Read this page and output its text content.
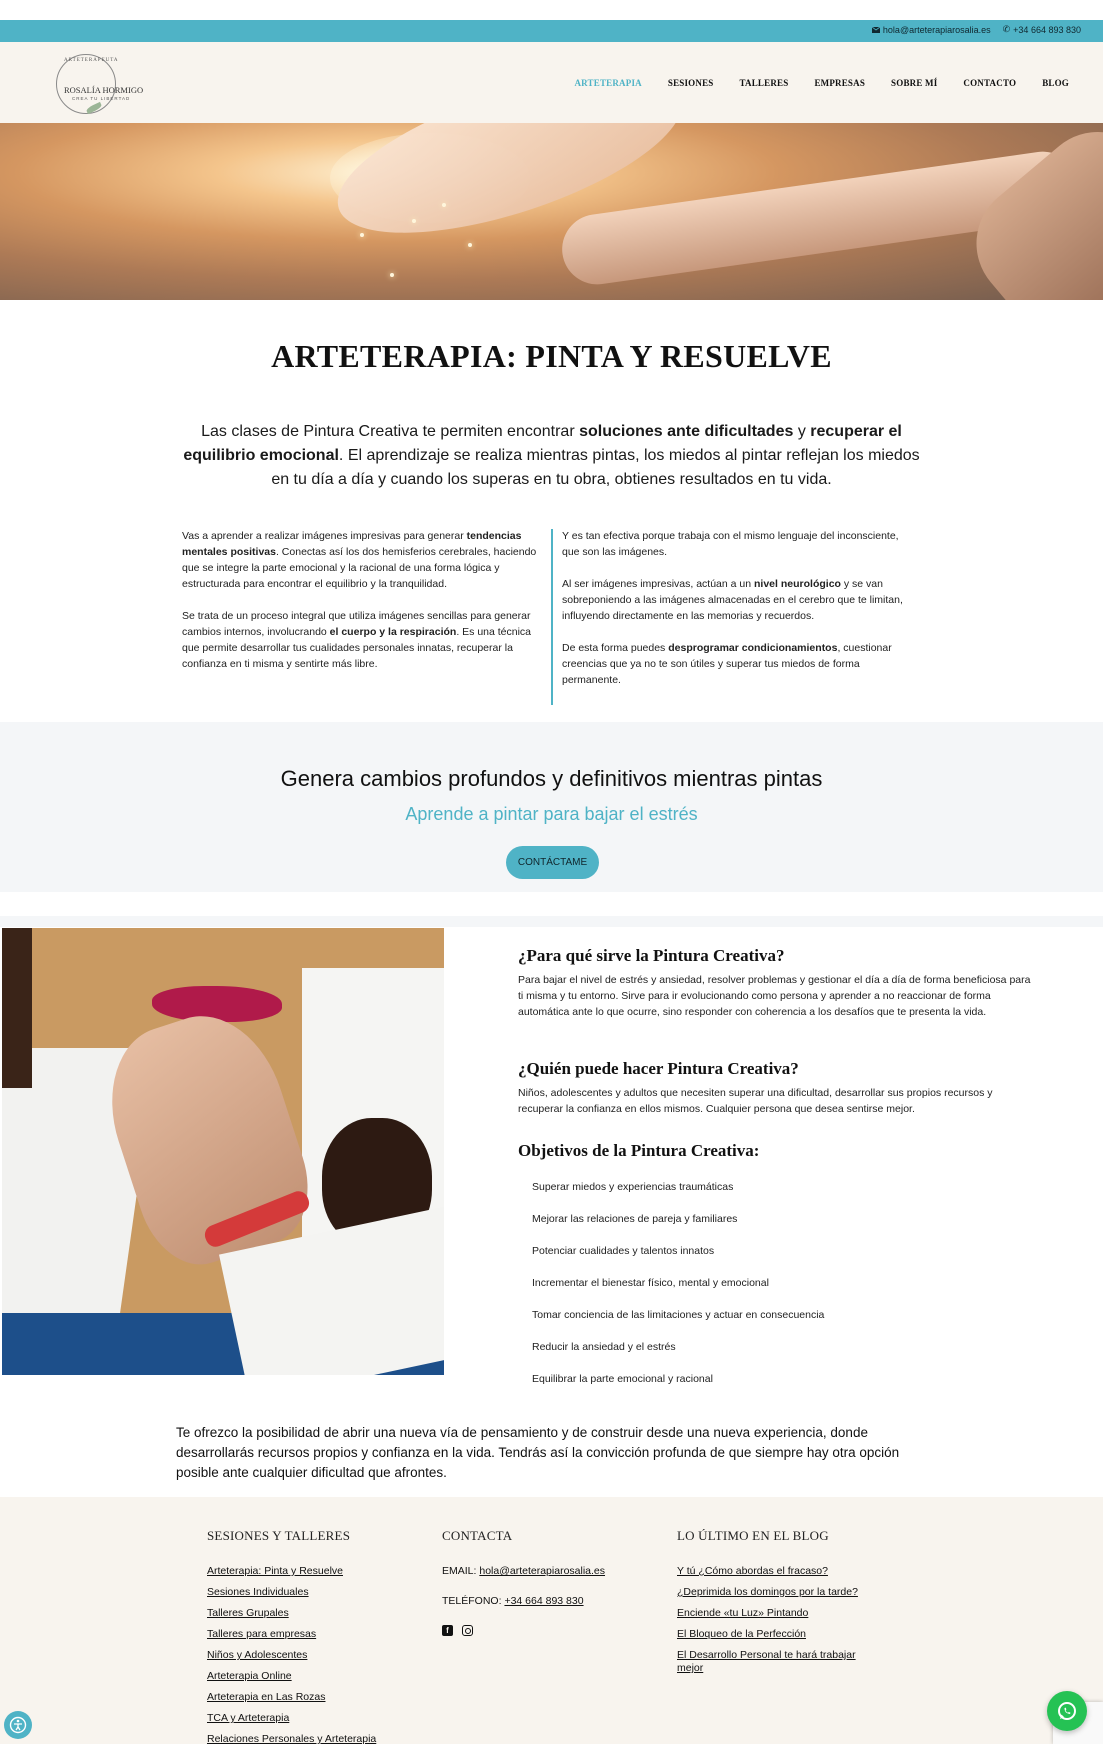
hola@arteterapiarosalia.es ✆ +34 664 893 830
ARTETERAPEUTA
ROSALÍA HORMIGO
CREA TU LIBERTAD
ARTETERAPIA	SESIONES	TALLERES	EMPRESAS	SOBRE MÍ	CONTACTO	BLOG
ARTETERAPIA: PINTA Y RESUELVE

Las clases de Pintura Creativa te permiten encontrar soluciones ante dificultades y recuperar el equilibrio emocional. El aprendizaje se realiza mientras pintas, los miedos al pintar reflejan los miedos en tu día a día y cuando los superas en tu obra, obtienes resultados en tu vida.

Vas a aprender a realizar imágenes impresivas para generar tendencias mentales positivas. Conectas así los dos hemisferios cerebrales, haciendo que se integre la parte emocional y la racional de una forma lógica y estructurada para encontrar el equilibrio y la tranquilidad.

Se trata de un proceso integral que utiliza imágenes sencillas para generar cambios internos, involucrando el cuerpo y la respiración. Es una técnica que permite desarrollar tus cualidades personales innatas, recuperar la confianza en ti misma y sentirte más libre.

Y es tan efectiva porque trabaja con el mismo lenguaje del inconsciente, que son las imágenes.

Al ser imágenes impresivas, actúan a un nivel neurológico y se van sobreponiendo a las imágenes almacenadas en el cerebro que te limitan, influyendo directamente en las memorias y recuerdos.

De esta forma puedes desprogramar condicionamientos, cuestionar creencias que ya no te son útiles y superar tus miedos de forma permanente.

Genera cambios profundos y definitivos mientras pintas
Aprende a pintar para bajar el estrés
CONTÁCTAME
¿Para qué sirve la Pintura Creativa?

Para bajar el nivel de estrés y ansiedad, resolver problemas y gestionar el día a día de forma beneficiosa para ti misma y tu entorno. Sirve para ir evolucionando como persona y aprender a no reaccionar de forma automática ante lo que ocurre, sino responder con coherencia a los desafíos que te presenta la vida.

¿Quién puede hacer Pintura Creativa?

Niños, adolescentes y adultos que necesiten superar una dificultad, desarrollar sus propios recursos y recuperar la confianza en ellos mismos. Cualquier persona que desea sentirse mejor.

Objetivos de la Pintura Creativa:
Superar miedos y experiencias traumáticas
Mejorar las relaciones de pareja y familiares
Potenciar cualidades y talentos innatos
Incrementar el bienestar físico, mental y emocional
Tomar conciencia de las limitaciones y actuar en consecuencia
Reducir la ansiedad y el estrés
Equilibrar la parte emocional y racional

Te ofrezco la posibilidad de abrir una nueva vía de pensamiento y de construir desde una nueva experiencia, donde desarrollarás recursos propios y confianza en la vida. Tendrás así la convicción profunda de que siempre hay otra opción posible ante cualquier dificultad que afrontes.

SESIONES Y TALLERES
Arteterapia: Pinta y Resuelve
Sesiones Individuales
Talleres Grupales
Talleres para empresas
Niños y Adolescentes
Arteterapia Online
Arteterapia en Las Rozas
TCA y Arteterapia
Relaciones Personales y Arteterapia
CONTACTA
EMAIL: hola@arteterapiarosalia.es
TELÉFONO: +34 664 893 830
f
LO ÚLTIMO EN EL BLOG
Y tú ¿Cómo abordas el fracaso?
¿Deprimida los domingos por la tarde?
Enciende «tu Luz» Pintando
El Bloqueo de la Perfección
El Desarrollo Personal te hará trabajar mejor
